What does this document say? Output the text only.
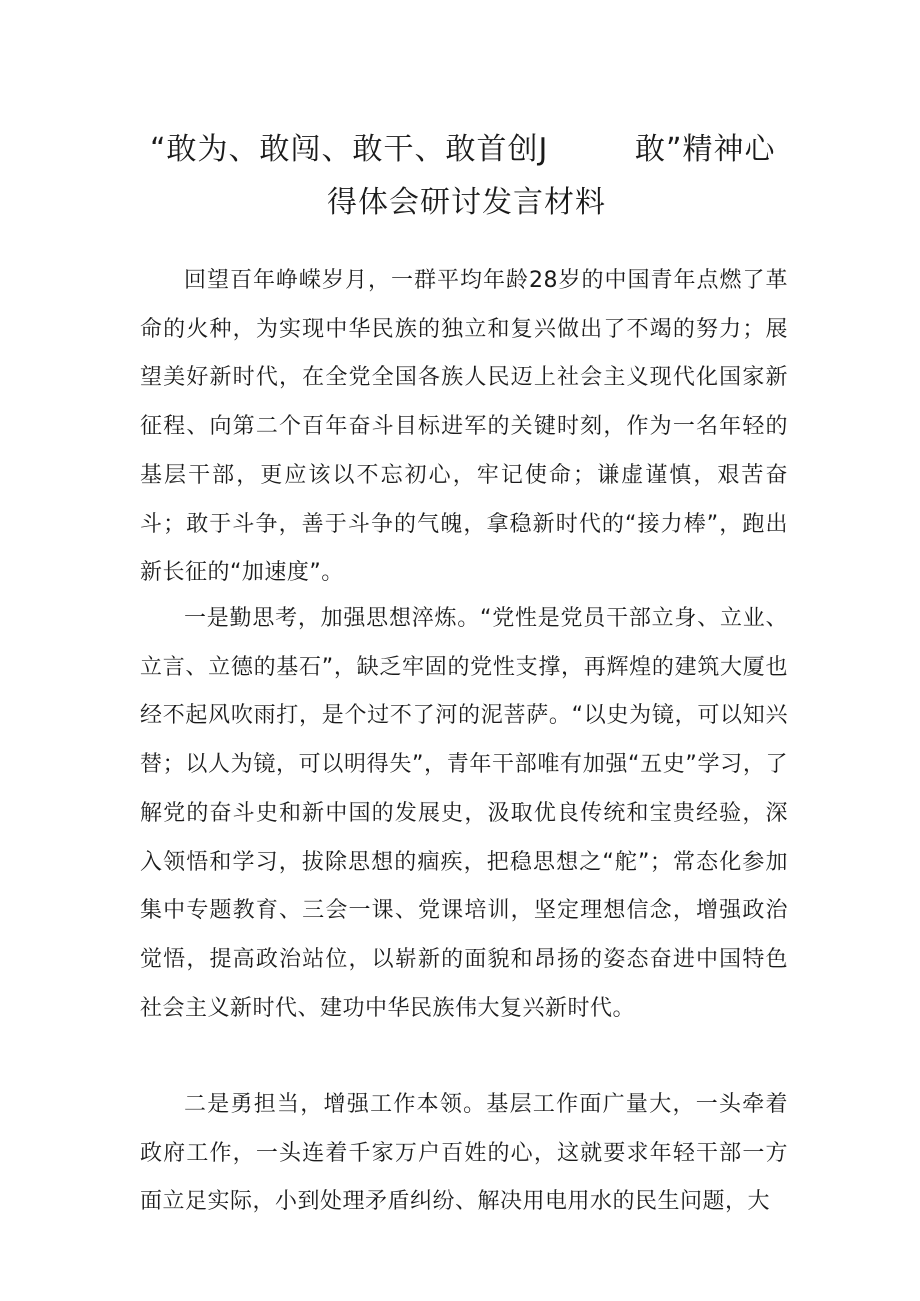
“敢为、敢闯、敢干、敢首创J	敢”精神心
得体会研讨发言材料

回望百年峥嵘岁月，一群平均年龄28岁的中国青年点燃了革命的火种，为实现中华民族的独立和复兴做出了不竭的努力；展望美好新时代，在全党全国各族人民迈上社会主义现代化国家新征程、向第二个百年奋斗目标进军的关键时刻，作为一名年轻的基层干部，更应该以不忘初心，牢记使命；谦虚谨慎，艰苦奋斗；敢于斗争，善于斗争的气魄，拿稳新时代的“接力棒”，跑出新长征的“加速度”。

一是勤思考，加强思想淬炼。“党性是党员干部立身、立业、立言、立德的基石”，缺乏牢固的党性支撑，再辉煌的建筑大厦也经不起风吹雨打，是个过不了河的泥菩萨。“以史为镜，可以知兴替；以人为镜，可以明得失”，青年干部唯有加强“五史”学习，了解党的奋斗史和新中国的发展史，汲取优良传统和宝贵经验，深入领悟和学习，拔除思想的痼疾，把稳思想之“舵”；常态化参加集中专题教育、三会一课、党课培训，坚定理想信念，增强政治觉悟，提高政治站位，以崭新的面貌和昂扬的姿态奋进中国特色社会主义新时代、建功中华民族伟大复兴新时代。

二是勇担当，增强工作本领。基层工作面广量大，一头牵着政府工作，一头连着千家万户百姓的心，这就要求年轻干部一方面立足实际，小到处理矛盾纠纷、解决用电用水的民生问题，大
